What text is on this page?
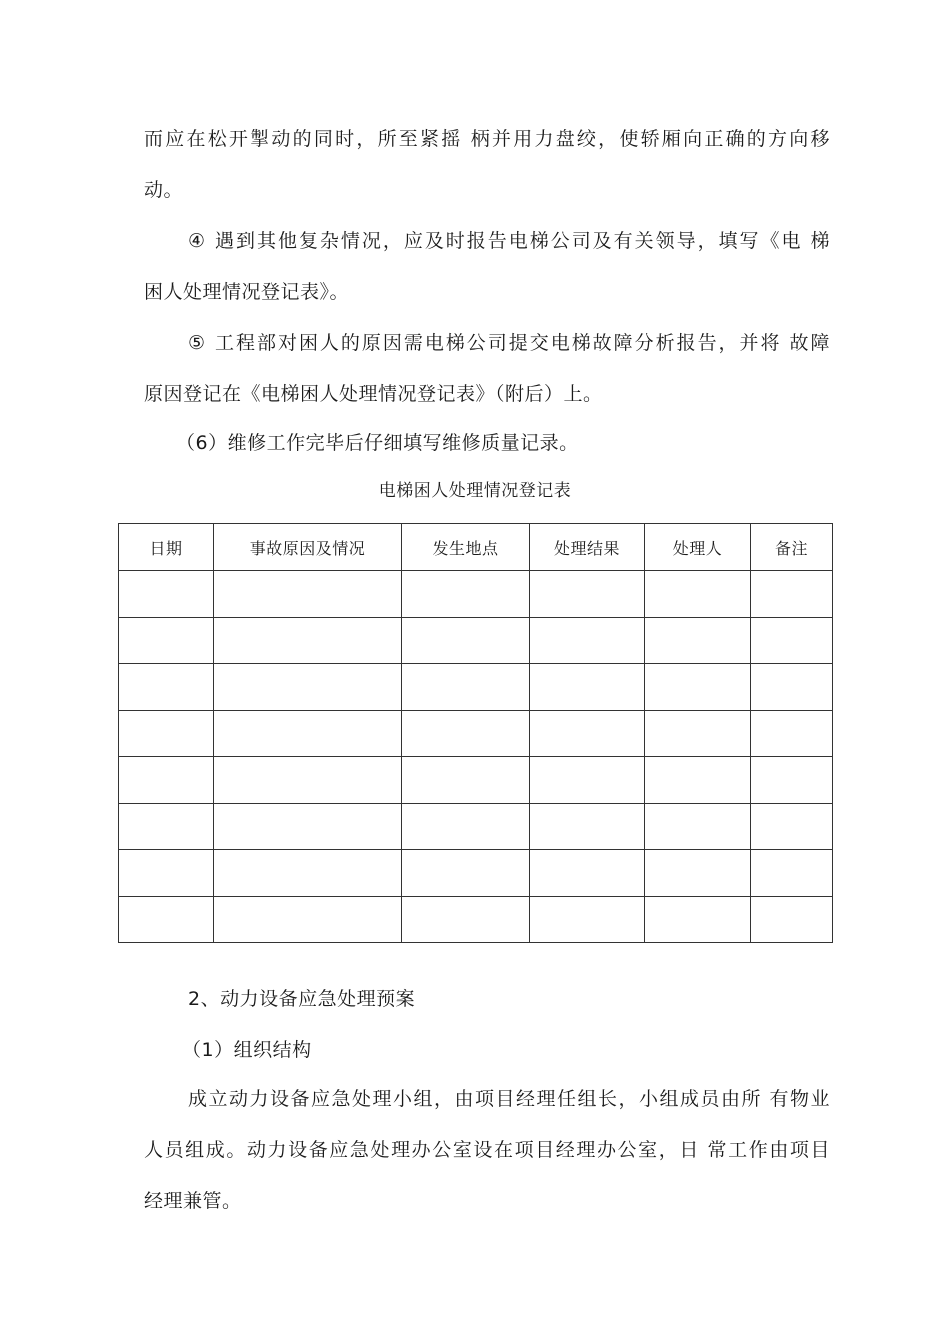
而应在松开掣动的同时，所至紧摇 柄并用力盘绞，使轿厢向正确的方向移
动。
④ 遇到其他复杂情况，应及时报告电梯公司及有关领导，填写《电 梯
困人处理情况登记表》。
⑤ 工程部对困人的原因需电梯公司提交电梯故障分析报告，并将 故障
原因登记在《电梯困人处理情况登记表》（附后）上。
（6）维修工作完毕后仔细填写维修质量记录。
电梯困人处理情况登记表
日期	事故原因及情况	发生地点	处理结果	处理人	备注

2、动力设备应急处理预案
（1）组织结构
成立动力设备应急处理小组，由项目经理任组长，小组成员由所 有物业
人员组成。动力设备应急处理办公室设在项目经理办公室，日 常工作由项目
经理兼管。
